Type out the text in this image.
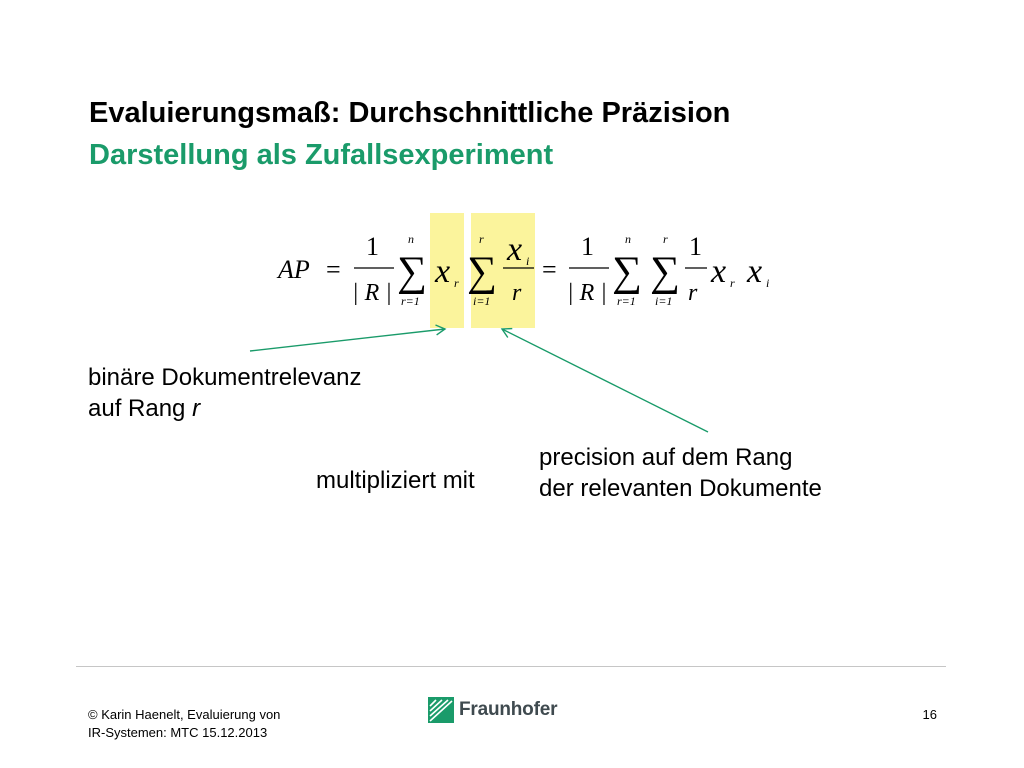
Evaluierungsmaß: Durchschnittliche Präzision
Darstellung als Zufallsexperiment
AP =
1
| R |
n
∑
r=1
x r
r
∑
i=1
x i
r
=
1
| R |
n
∑
r=1
r
∑
i=1
1
r
x r x i
binäre Dokumentrelevanz
auf Rang r
multipliziert mit
precision auf dem Rang
der relevanten Dokumente
© Karin Haenelt, Evaluierung von
IR-Systemen: MTC 15.12.2013
Fraunhofer	16
